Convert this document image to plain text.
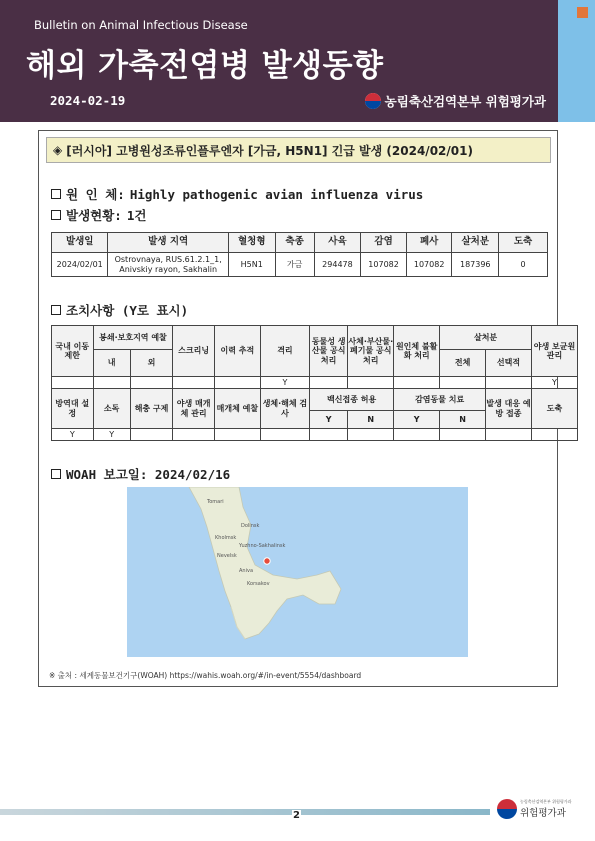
Bulletin on Animal Infectious Disease
해외 가축전염병 발생동향
2024-02-19	농림축산검역본부 위험평가과
◈ [러시아] 고병원성조류인플루엔자 [가금, H5N1] 긴급 발생 (2024/02/01)
원 인 체: Highly pathogenic avian influenza virus
발생현황: 1건
발생일	발생 지역	혈청형	축종	사육	감염	폐사	살처분	도축
2024/02/01	Ostrovnaya, RUS.61.2.1_1, Anivskiy rayon, Sakhalin	H5N1	가금	294478	107082	107082	187396	0
조치사항 (Y로 표시)
국내 이동 제한	봉쇄·보호지역 예찰		스크리닝	이력 추적	격리	동물성 생산물 공식 처리	사체·부산물·폐기물 공식 처리	원인체 불활화 처리	살처분		야생 보균원 관리
	내	외							전체	선택적	
					Y						Y
방역대 설정	소독	해충 구제	야생 매개체 관리	매개체 예찰	생체·해체 검사	백신접종 허용		감염동물 치료		발생 대응 예방 접종	도축
						Y	N	Y	N		
Y	Y										
WOAH 보고일: 2024/02/16
Tomari
Kholmsk
Yuzhno-Sakhalinsk
Korsakov
Aniva
Nevelsk
Dolinsk
※ 출처 : 세계동물보건기구(WOAH) https://wahis.woah.org/#/in-event/5554/dashboard
2
농림축산검역본부 위험평가과
위험평가과
